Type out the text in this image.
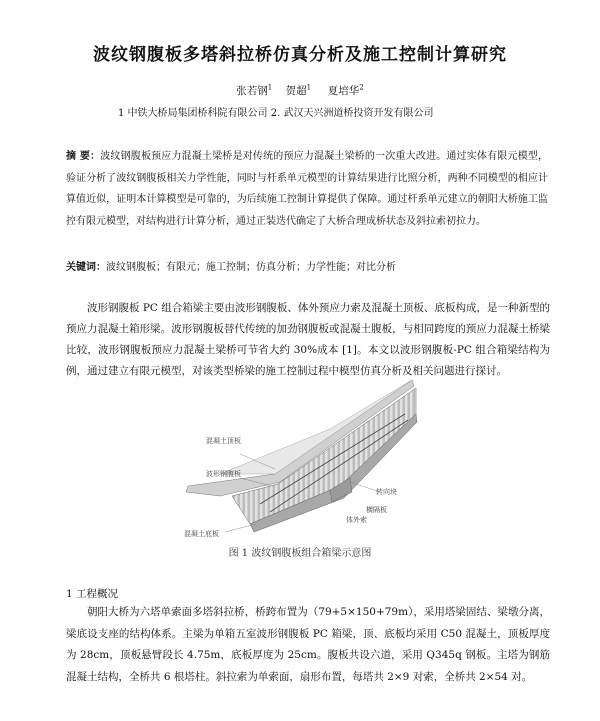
波纹钢腹板多塔斜拉桥仿真分析及施工控制计算研究
张若钢$^1$ 贺超$^1$ 夏培华$^2$
1 中铁大桥局集团桥科院有限公司 2. 武汉天兴洲道桥投资开发有限公司
摘 要：波纹钢腹板预应力混凝土梁桥是对传统的预应力混凝土梁桥的一次重大改进。通过实体有限元模型，验证分析了波纹钢腹板相关力学性能，同时与杆系单元模型的计算结果进行比照分析，两种不同模型的相应计算值近似，证明本计算模型是可靠的，为后续施工控制计算提供了保障。通过杆系单元建立的朝阳大桥施工监控有限元模型，对结构进行计算分析，通过正装迭代确定了大桥合理成桥状态及斜拉索初拉力。
关键词：波纹钢腹板；有限元；施工控制；仿真分析；力学性能；对比分析
波形钢腹板 PC 组合箱梁主要由波形钢腹板、体外预应力索及混凝土顶板、底板构成，是一种新型的预应力混凝土箱形梁。波形钢腹板替代传统的加劲钢腹板或混凝土腹板，与相同跨度的预应力混凝土桥梁比较，波形钢腹板预应力混凝土梁桥可节省大约 30%成本 [1]。本文以波形钢腹板-PC 组合箱梁结构为例，通过建立有限元模型，对该类型桥梁的施工控制过程中模型仿真分析及相关问题进行探讨。
混凝土顶板
波形钢腹板
转向块
横隔板
体外索
混凝土底板
图 1 波纹钢腹板组合箱梁示意图
1 工程概况
朝阳大桥为六塔单索面多塔斜拉桥，桥跨布置为（79+5×150+79m），采用塔梁固结、梁墩分离，梁底设支座的结构体系。主梁为单箱五室波形钢腹板 PC 箱梁，顶、底板均采用 C50 混凝土，顶板厚度为 28cm，顶板悬臂段长 4.75m，底板厚度为 25cm。腹板共设六道，采用 Q345q 钢板。主塔为钢筋混凝土结构，全桥共 6 根塔柱。斜拉索为单索面，扇形布置，每塔共 2×9 对索，全桥共 2×54 对。
